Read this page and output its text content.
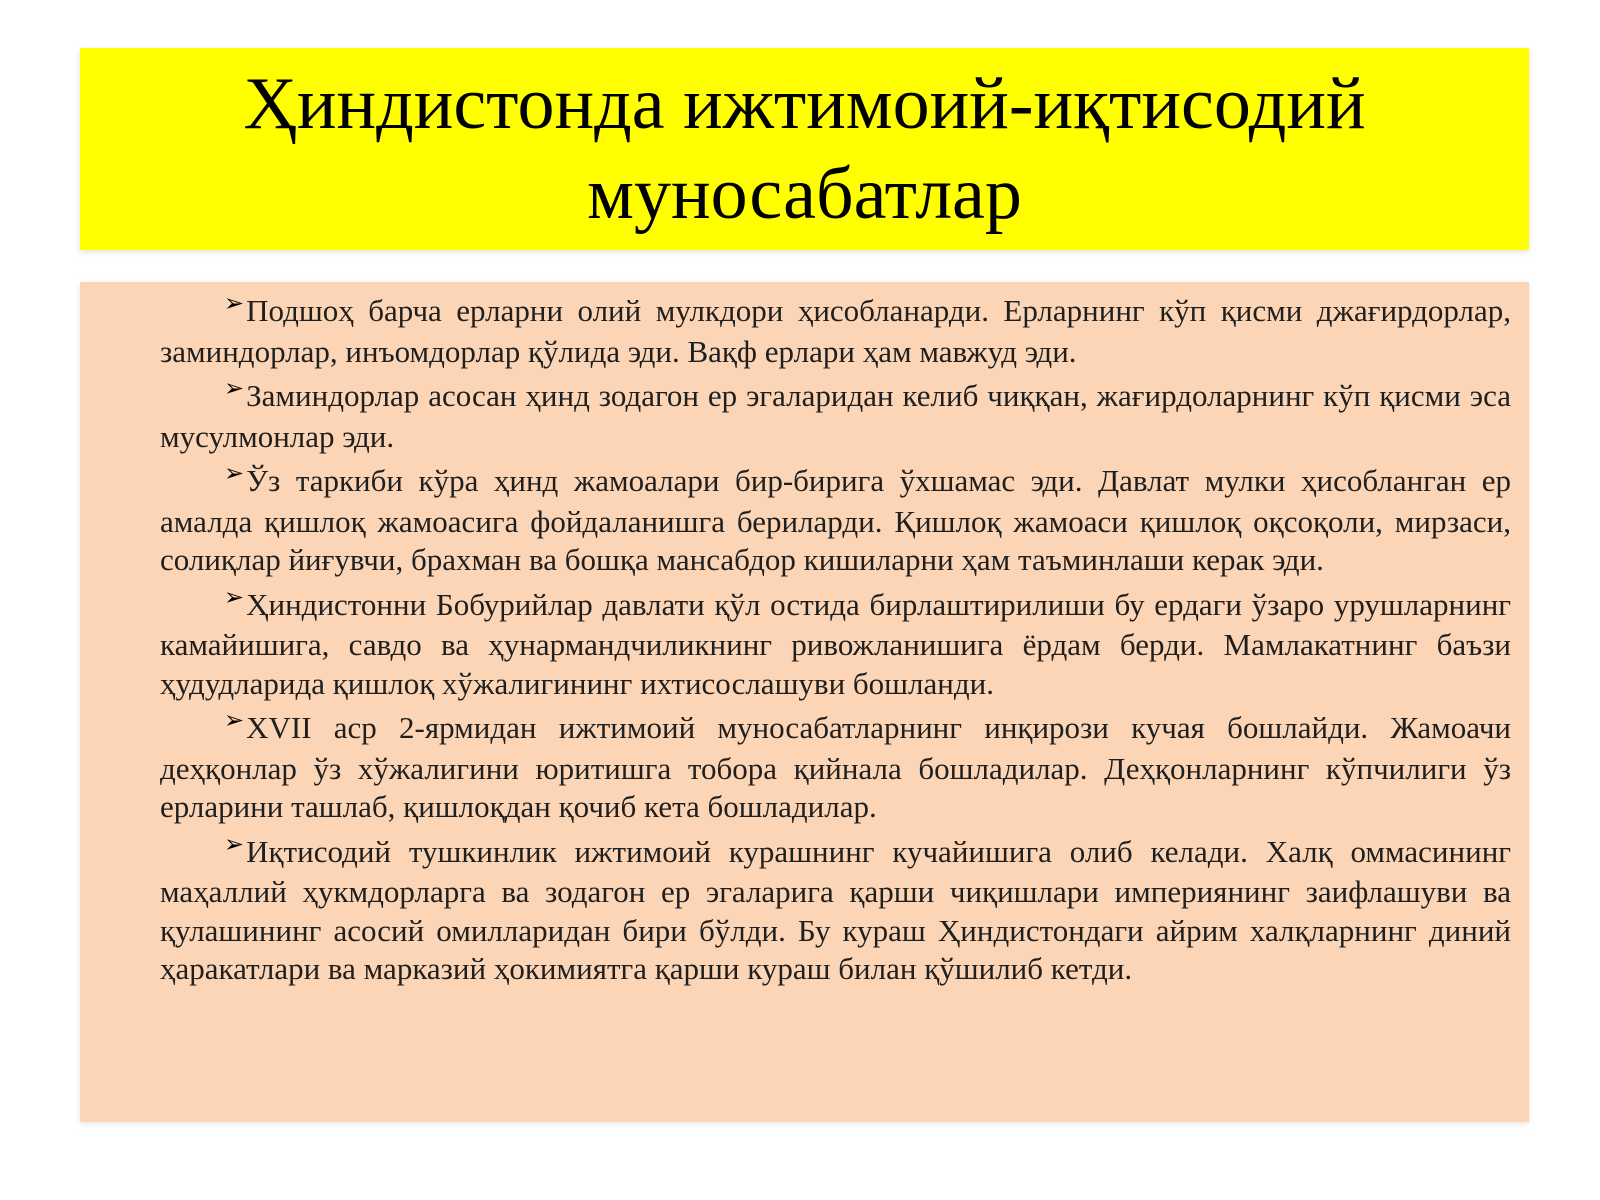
Ҳиндистонда ижтимоий-иқтисодий муносабатлар

➢Подшоҳ барча ерларни олий мулкдори ҳисобланарди. Ерларнинг кўп қисми джағирдорлар, заминдорлар, инъомдорлар қўлида эди. Вақф ерлари ҳам мавжуд эди.

➢Заминдорлар асосан ҳинд зодагон ер эгаларидан келиб чиққан, жағирдоларнинг кўп қисми эса мусулмонлар эди.

➢Ўз таркиби кўра ҳинд жамоалари бир-бирига ўхшамас эди. Давлат мулки ҳисобланган ер амалда қишлоқ жамоасига фойдаланишга бериларди. Қишлоқ жамоаси қишлоқ оқсоқоли, мирзаси, солиқлар йиғувчи, брахман ва бошқа мансабдор кишиларни ҳам таъминлаши керак эди.

➢Ҳиндистонни Бобурийлар давлати қўл остида бирлаштирилиши бу ердаги ўзаро урушларнинг камайишига, савдо ва ҳунармандчиликнинг ривожланишига ёрдам берди. Мамлакатнинг баъзи ҳудудларида қишлоқ хўжалигининг ихтисослашуви бошланди.

➢XVII аср 2-ярмидан ижтимоий муносабатларнинг инқирози кучая бошлайди. Жамоачи деҳқонлар ўз хўжалигини юритишга тобора қийнала бошладилар. Деҳқонларнинг кўпчилиги ўз ерларини ташлаб, қишлоқдан қочиб кета бошладилар.

➢Иқтисодий тушкинлик ижтимоий курашнинг кучайишига олиб келади. Халқ оммасининг маҳаллий ҳукмдорларга ва зодагон ер эгаларига қарши чиқишлари империянинг заифлашуви ва қулашининг асосий омилларидан бири бўлди. Бу кураш Ҳиндистондаги айрим халқларнинг диний ҳаракатлари ва марказий ҳокимиятга қарши кураш билан қўшилиб кетди.
